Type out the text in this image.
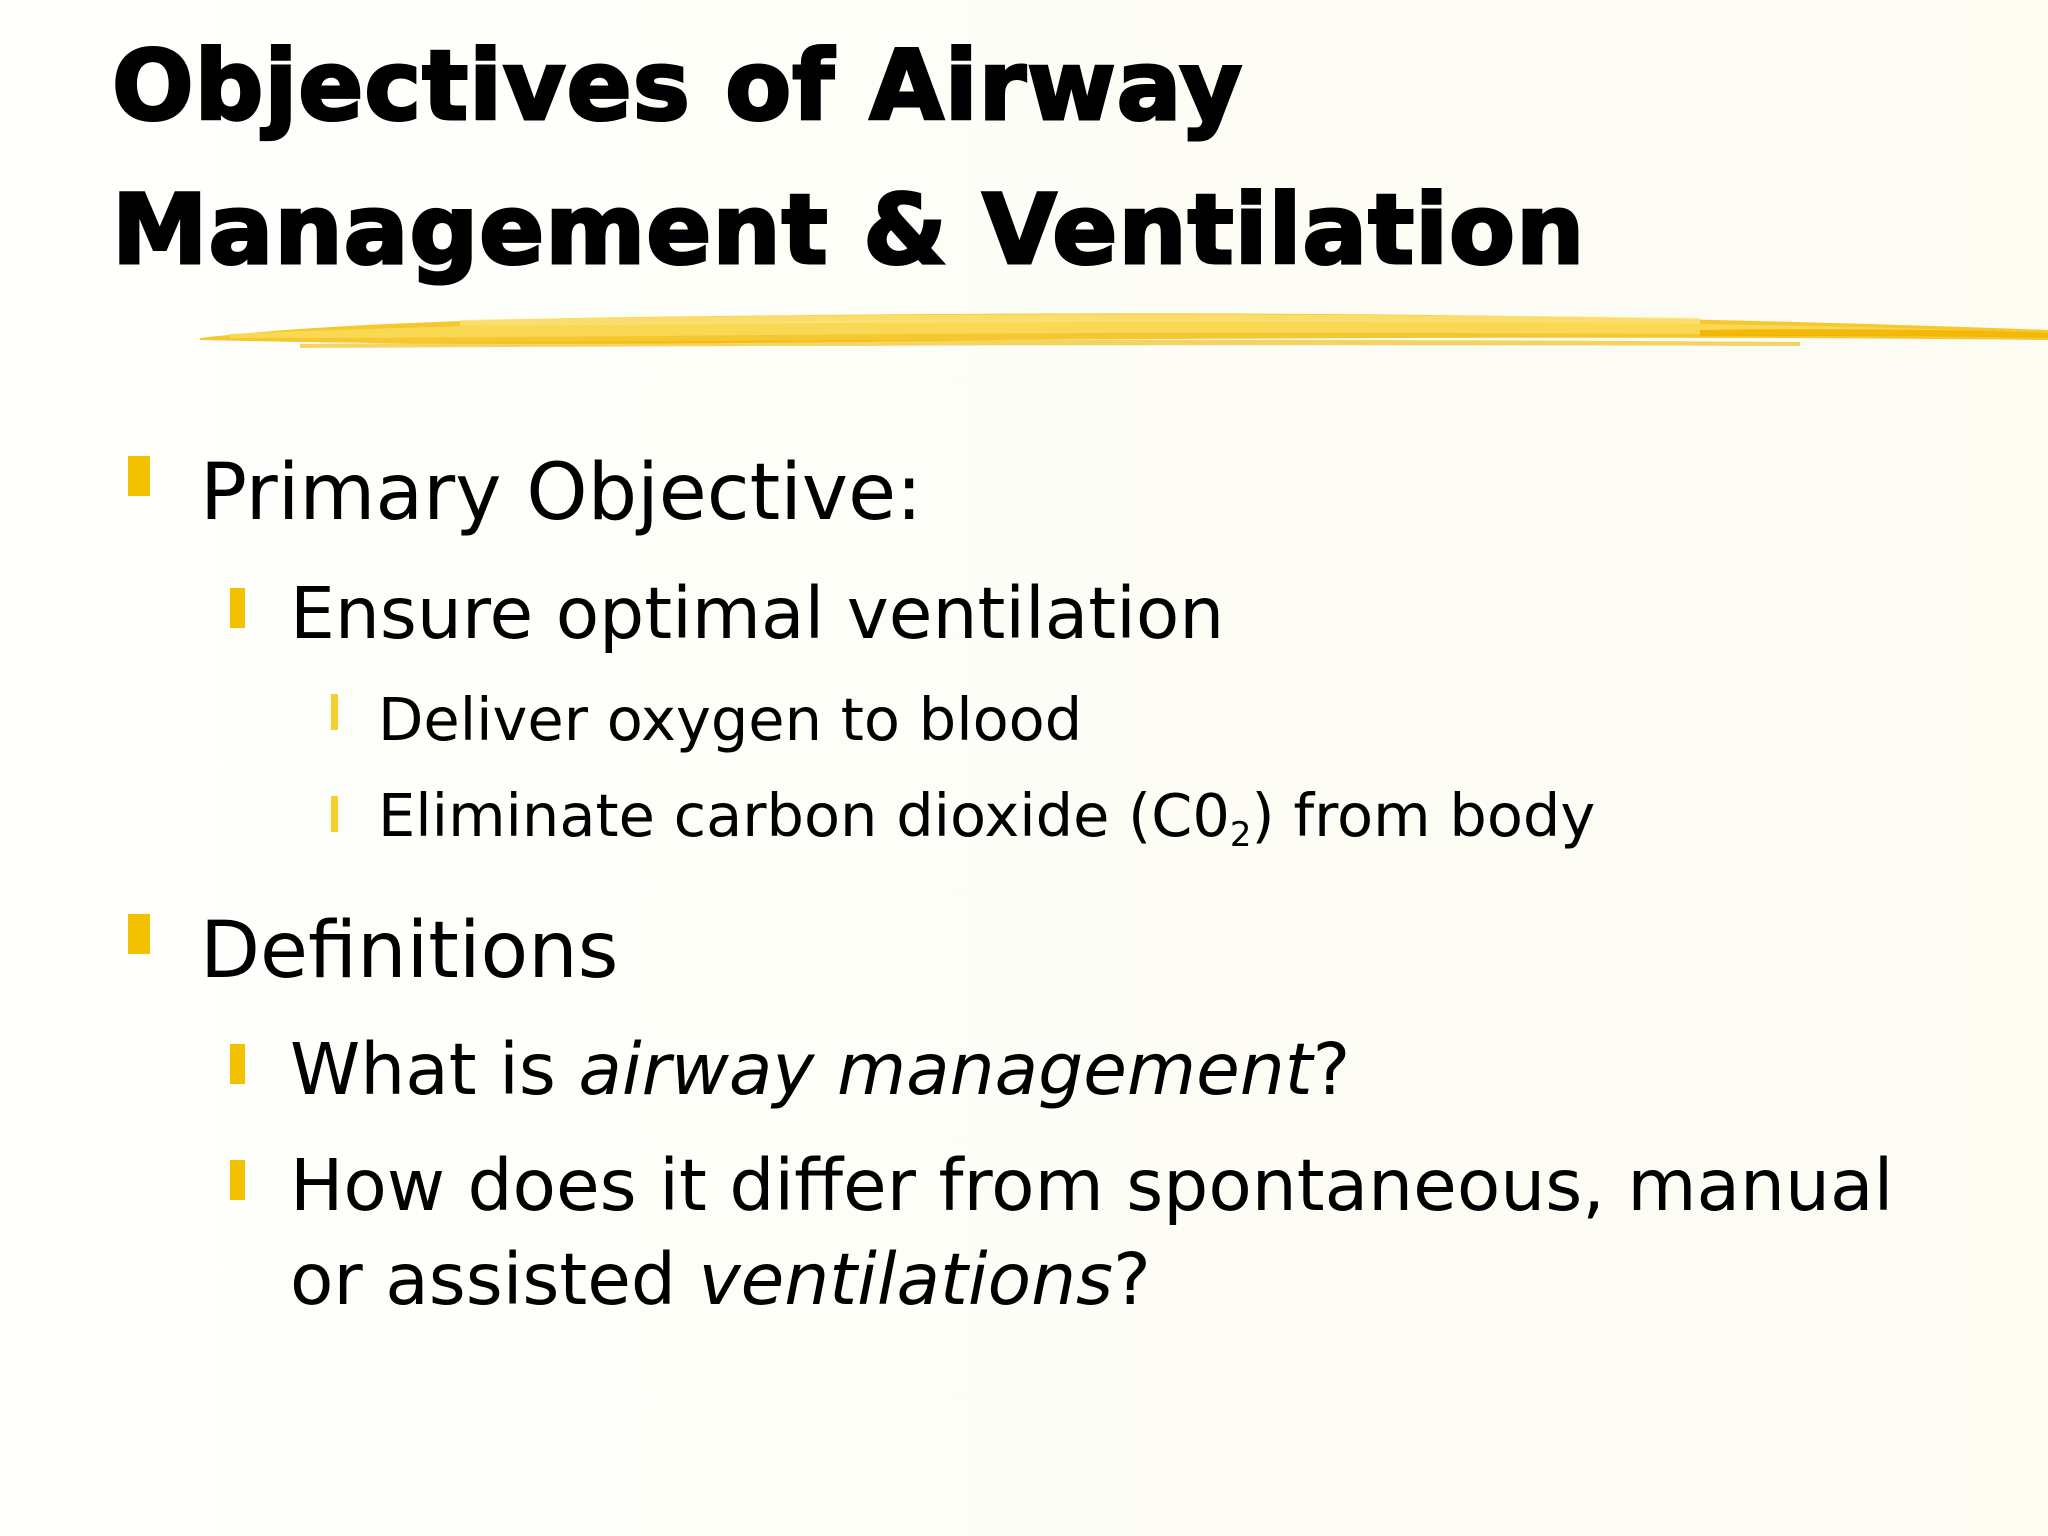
Objectives of Airway
Management & Ventilation
Primary Objective:
Ensure optimal ventilation
Deliver oxygen to blood
Eliminate carbon dioxide $(C0_2)$ from body
Definitions
What is airway management?
How does it differ from spontaneous, manual
or assisted ventilations?
